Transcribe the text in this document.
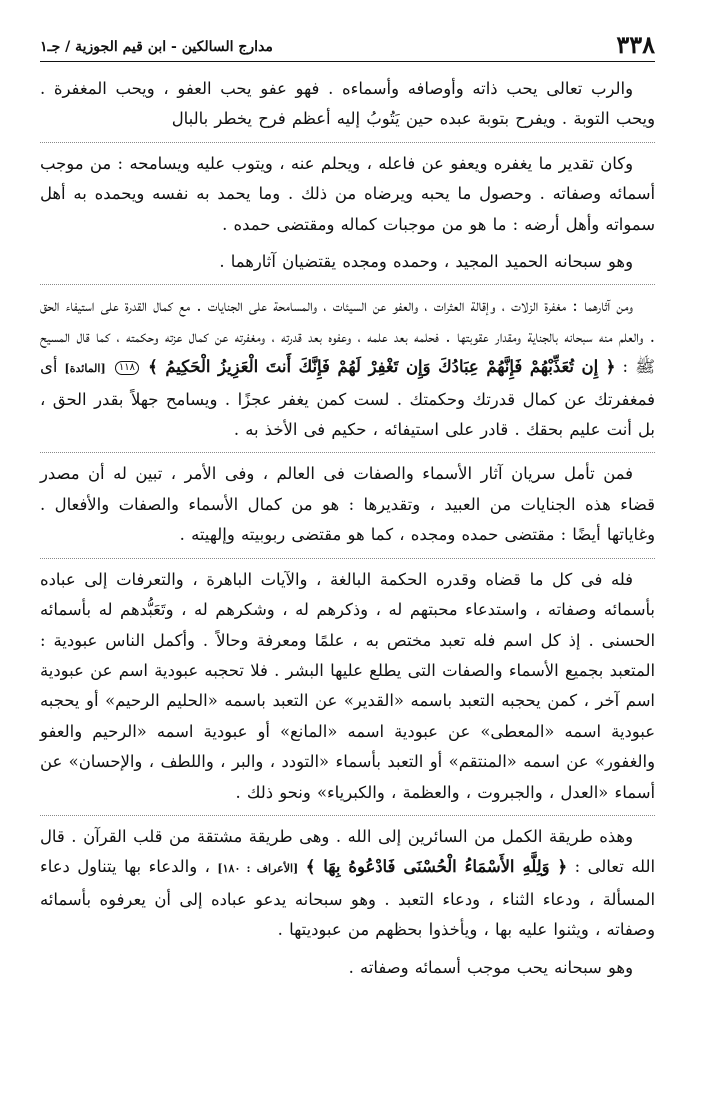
٣٣٨
مدارج السالكين - ابن قيم الجوزية / جـ١

والرب تعالى يحب ذاته وأوصافه وأسماءه . فهو عفو يحب العفو ، ويحب المغفرة . ويحب التوبة . ويفرح بتوبة عبده حين يَتُوبُ إليه أعظم فرح يخطر بالبال

وكان تقدير ما يغفره ويعفو عن فاعله ، ويحلم عنه ، ويتوب عليه ويسامحه : من موجب أسمائه وصفاته . وحصول ما يحبه ويرضاه من ذلك . وما يحمد به نفسه ويحمده به أهل سمواته وأهل أرضه : ما هو من موجبات كماله ومقتضى حمده .

وهو سبحانه الحميد المجيد ، وحمده ومجده يقتضيان آثارهما .

ومن آثارهما : مغفرة الزلات ، وإقالة العثرات ، والعفو عن السيئات ، والمسامحة على الجنايات . مع كمال القدرة على استيفاء الحق . والعلم منه سبحانه بالجناية ومقدار عقوبتها . فحلمه بعد علمه ، وعفوه بعد قدرته ، ومغفرته عن كمال عزته وحكمته ، كما قال المسيح ﷺ : ﴿ إِن تُعَذِّبْهُمْ فَإِنَّهُمْ عِبَادُكَ وَإِن تَغْفِرْ لَهُمْ فَإِنَّكَ أَنتَ الْعَزِيزُ الْحَكِيمُ ﴾ ١١٨ [المائدة] أى فمغفرتك عن كمال قدرتك وحكمتك . لست كمن يغفر عجزًا . ويسامح جهلاً بقدر الحق ، بل أنت عليم بحقك . قادر على استيفائه ، حكيم فى الأخذ به .

فمن تأمل سريان آثار الأسماء والصفات فى العالم ، وفى الأمر ، تبين له أن مصدر قضاء هذه الجنايات من العبيد ، وتقديرها : هو من كمال الأسماء والصفات والأفعال . وغاياتها أيضًا : مقتضى حمده ومجده ، كما هو مقتضى ربوبيته وإلهيته .

فله فى كل ما قضاه وقدره الحكمة البالغة ، والآيات الباهرة ، والتعرفات إلى عباده بأسمائه وصفاته ، واستدعاء محبتهم له ، وذكرهم له ، وشكرهم له ، وتَعَبُّدهم له بأسمائه الحسنى . إذ كل اسم فله تعبد مختص به ، علمًا ومعرفة وحالاً . وأكمل الناس عبودية : المتعبد بجميع الأسماء والصفات التى يطلع عليها البشر . فلا تحجبه عبودية اسم عن عبودية اسم آخر ، كمن يحجبه التعبد باسمه «القدير» عن التعبد باسمه «الحليم الرحيم» أو يحجبه عبودية اسمه «المعطى» عن عبودية اسمه «المانع» أو عبودية اسمه «الرحيم والعفو والغفور» عن اسمه «المنتقم» أو التعبد بأسماء «التودد ، والبر ، واللطف ، والإحسان» عن أسماء «العدل ، والجبروت ، والعظمة ، والكبرياء» ونحو ذلك .

وهذه طريقة الكمل من السائرين إلى الله . وهى طريقة مشتقة من قلب القرآن . قال الله تعالى : ﴿ وَلِلَّهِ الأَسْمَاءُ الْحُسْنَى فَادْعُوهُ بِهَا ﴾ [الأعراف : ١٨٠] ، والدعاء بها يتناول دعاء المسألة ، ودعاء الثناء ، ودعاء التعبد . وهو سبحانه يدعو عباده إلى أن يعرفوه بأسمائه وصفاته ، ويثنوا عليه بها ، ويأخذوا بحظهم من عبوديتها .

وهو سبحانه يحب موجب أسمائه وصفاته .
